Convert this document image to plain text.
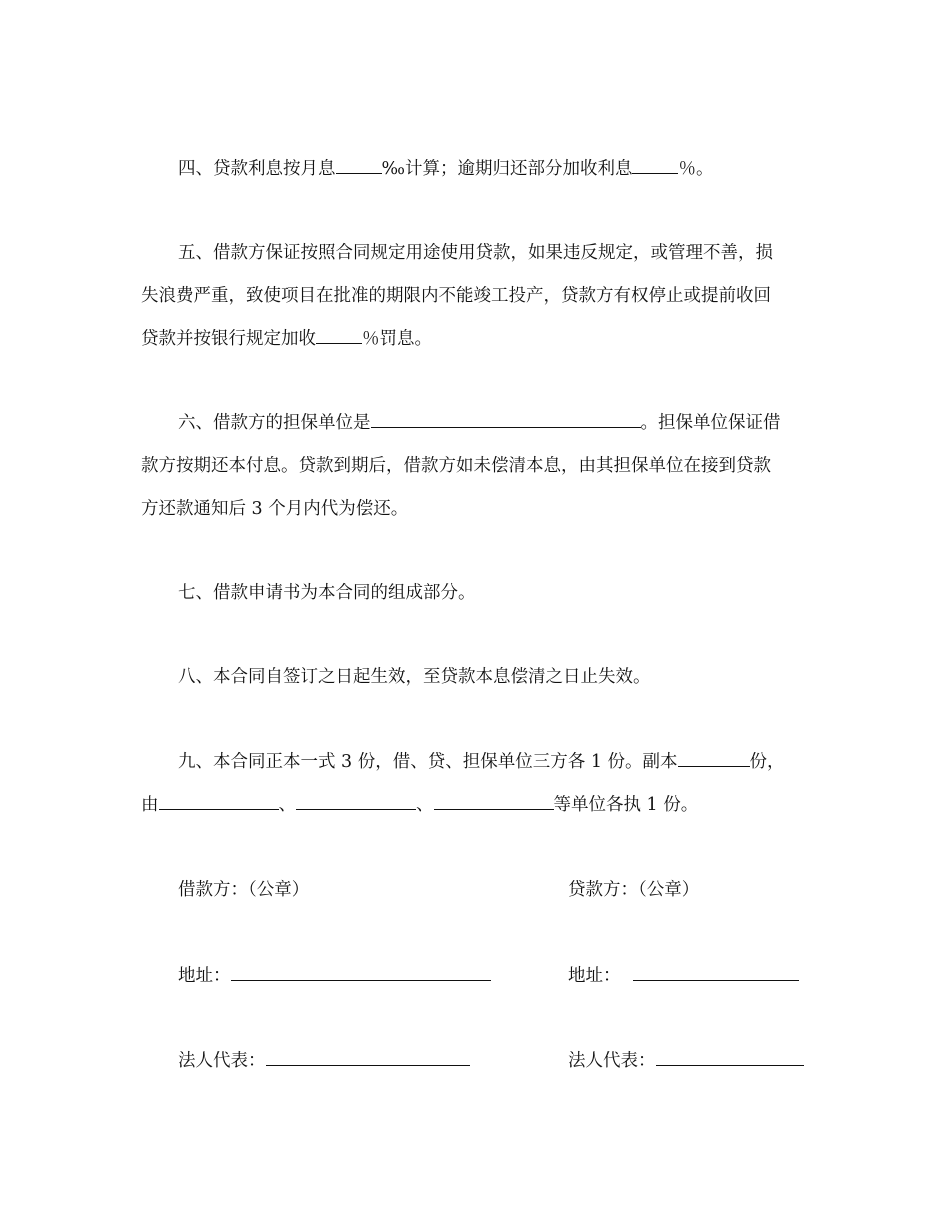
四、贷款利息按月息	‰计算；逾期归还部分加收利息	％。
五、借款方保证按照合同规定用途使用贷款，如果违反规定，或管理不善，损
失浪费严重，致使项目在批准的期限内不能竣工投产，贷款方有权停止或提前收回
贷款并按银行规定加收	％罚息。
六、借款方的担保单位是	。担保单位保证借
款方按期还本付息。贷款到期后，借款方如未偿清本息，由其担保单位在接到贷款
方还款通知后 3 个月内代为偿还。
七、借款申请书为本合同的组成部分。
八、本合同自签订之日起生效，至贷款本息偿清之日止失效。
九、本合同正本一式 3 份，借、贷、担保单位三方各 1 份。副本	份，
由	、	、	等单位各执 1 份。
借款方：（公章）	贷款方：（公章）
地址：	地址：
法人代表：	法人代表：
